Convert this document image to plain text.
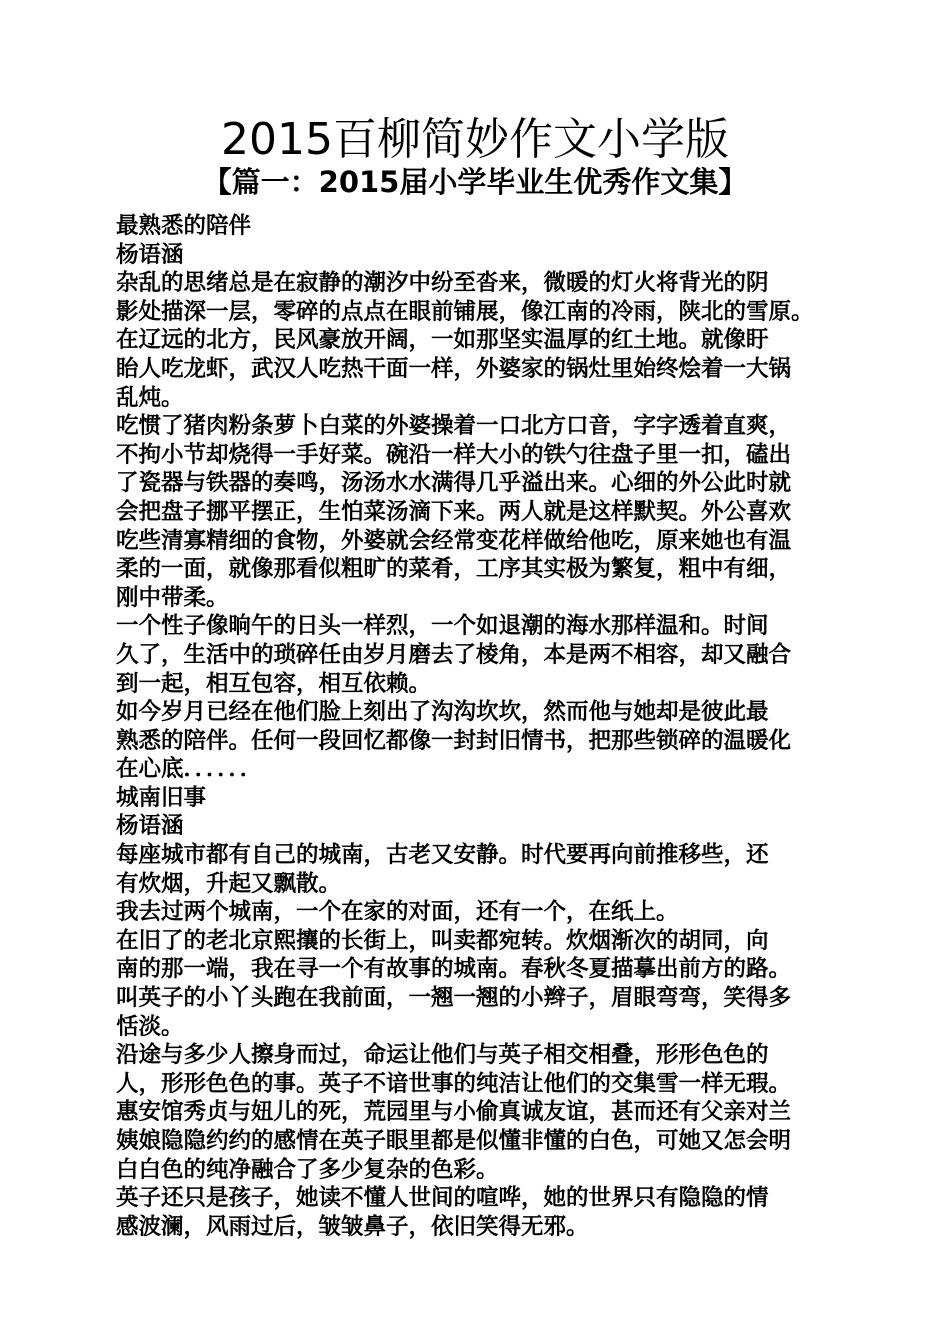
2015百柳简妙作文小学版
【篇一：2015届小学毕业生优秀作文集】

最熟悉的陪伴

杨语涵

杂乱的思绪总是在寂静的潮汐中纷至沓来，微暖的灯火将背光的阴

影处描深一层，零碎的点点在眼前铺展，像江南的冷雨，陕北的雪原。

在辽远的北方，民风豪放开阔，一如那坚实温厚的红土地。就像盱

眙人吃龙虾，武汉人吃热干面一样，外婆家的锅灶里始终烩着一大锅

乱炖。

吃惯了猪肉粉条萝卜白菜的外婆操着一口北方口音，字字透着直爽，

不拘小节却烧得一手好菜。碗沿一样大小的铁勺往盘子里一扣，磕出

了瓷器与铁器的奏鸣，汤汤水水满得几乎溢出来。心细的外公此时就

会把盘子挪平摆正，生怕菜汤滴下来。两人就是这样默契。外公喜欢

吃些清寡精细的食物，外婆就会经常变花样做给他吃，原来她也有温

柔的一面，就像那看似粗旷的菜肴，工序其实极为繁复，粗中有细，

刚中带柔。

一个性子像晌午的日头一样烈，一个如退潮的海水那样温和。时间

久了，生活中的琐碎任由岁月磨去了棱角，本是两不相容，却又融合

到一起，相互包容，相互依赖。

如今岁月已经在他们脸上刻出了沟沟坎坎，然而他与她却是彼此最

熟悉的陪伴。任何一段回忆都像一封封旧情书，把那些锁碎的温暖化

在心底．．．．．．

城南旧事

杨语涵

每座城市都有自己的城南，古老又安静。时代要再向前推移些，还

有炊烟，升起又飘散。

我去过两个城南，一个在家的对面，还有一个，在纸上。

在旧了的老北京熙攘的长街上，叫卖都宛转。炊烟渐次的胡同，向

南的那一端，我在寻一个有故事的城南。春秋冬夏描摹出前方的路。

叫英子的小丫头跑在我前面，一翘一翘的小辫子，眉眼弯弯，笑得多

恬淡。

沿途与多少人擦身而过，命运让他们与英子相交相叠，形形色色的

人，形形色色的事。英子不谙世事的纯洁让他们的交集雪一样无瑕。

惠安馆秀贞与妞儿的死，荒园里与小偷真诚友谊，甚而还有父亲对兰

姨娘隐隐约约的感情在英子眼里都是似懂非懂的白色，可她又怎会明

白白色的纯净融合了多少复杂的色彩。

英子还只是孩子，她读不懂人世间的喧哗，她的世界只有隐隐的情

感波澜，风雨过后，皱皱鼻子，依旧笑得无邪。
